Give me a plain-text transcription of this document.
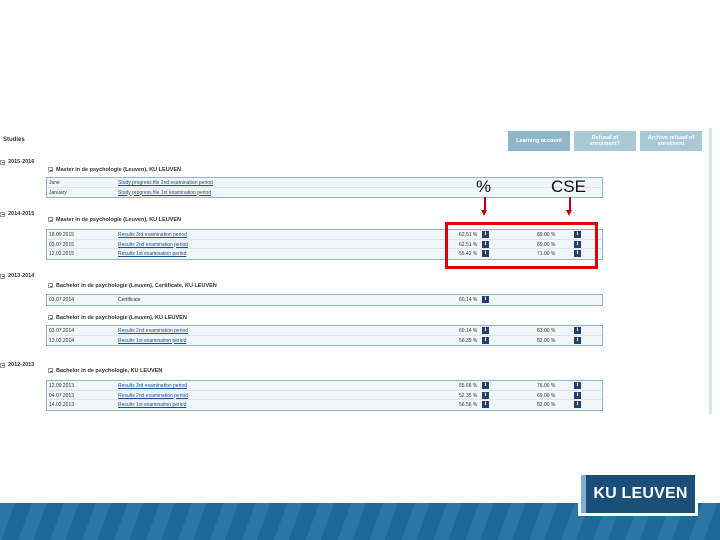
Studies	Learning account
Refusal of enrolment?
Archive refusal of enrolment
2015-2016
Master in de psychologie (Leuven), KU LEUVEN
June	Study progress file 2nd examination period
January	Study progress file 1st examination period
2014-2015
Master in de psychologie (Leuven), KU LEUVEN
18.09.2015	Results 3rd examination period	62.51 %	i	89.00 %	i
03.07.2015	Results 2nd examination period	62.51 %	i	89.00 %	i
12.02.2015	Results 1st examination period	55.42 %	i	71.00 %	i
2013-2014
Bachelor in de psychologie (Leuven), Certificate, KU LEUVEN
03.07.2014	Certificate	60.14 %	i
Bachelor in de psychologie (Leuven), KU LEUVEN
03.07.2014	Results 2nd examination period	60.14 %	i	83.00 %	i
13.02.2014	Results 1st examination period	56.35 %	i	82.00 %	i
2012-2013
Bachelor in de psychologie, KU LEUVEN
12.09.2013	Results 3rd examination period	55.66 %	i	76.00 %	i
04.07.2013	Results 2nd examination period	52.35 %	i	69.00 %	i
14.02.2013	Results 1st examination period	56.56 %	i	82.00 %	i
%	CSE
KU LEUVEN
